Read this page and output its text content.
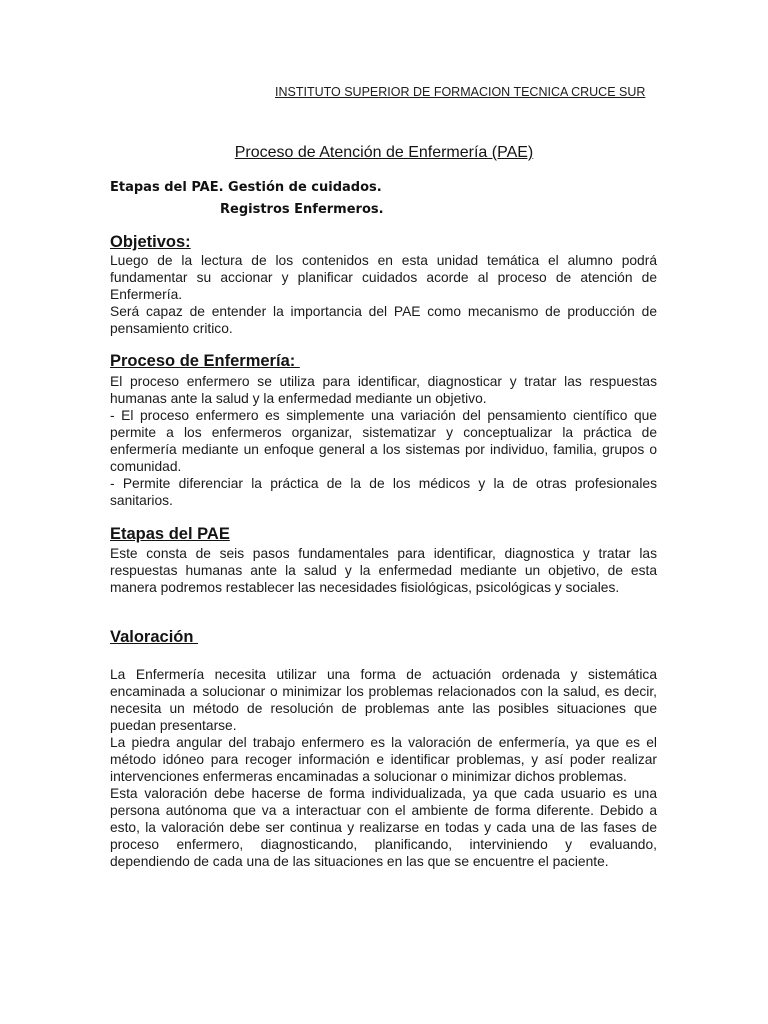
INSTITUTO SUPERIOR DE FORMACION TECNICA CRUCE SUR
Proceso de Atención de Enfermería (PAE)
Etapas del PAE. Gestión de cuidados.
Registros Enfermeros.
Objetivos:

Luego de la lectura de los contenidos en esta unidad temática el alumno podrá fundamentar su accionar y planificar cuidados acorde al proceso de atención de Enfermería.

Será capaz de entender la importancia del PAE como mecanismo de producción de pensamiento critico.

Proceso de Enfermería:

El proceso enfermero se utiliza para identificar, diagnosticar y tratar las respuestas humanas ante la salud y la enfermedad mediante un objetivo.

- El proceso enfermero es simplemente una variación del pensamiento científico que permite a los enfermeros organizar, sistematizar y conceptualizar la práctica de enfermería mediante un enfoque general a los sistemas por individuo, familia, grupos o comunidad.

- Permite diferenciar la práctica de la de los médicos y la de otras profesionales sanitarios.

Etapas del PAE

Este consta de seis pasos fundamentales para identificar, diagnostica y tratar las respuestas humanas ante la salud y la enfermedad mediante un objetivo, de esta manera podremos restablecer las necesidades fisiológicas, psicológicas y sociales.

Valoración

La Enfermería necesita utilizar una forma de actuación ordenada y sistemática encaminada a solucionar o minimizar los problemas relacionados con la salud, es decir, necesita un método de resolución de problemas ante las posibles situaciones que puedan presentarse.

La piedra angular del trabajo enfermero es la valoración de enfermería, ya que es el método idóneo para recoger información e identificar problemas, y así poder realizar intervenciones enfermeras encaminadas a solucionar o minimizar dichos problemas.

Esta valoración debe hacerse de forma individualizada, ya que cada usuario es una persona autónoma que va a interactuar con el ambiente de forma diferente. Debido a esto, la valoración debe ser continua y realizarse en todas y cada una de las fases de proceso enfermero, diagnosticando, planificando, interviniendo y evaluando, dependiendo de cada una de las situaciones en las que se encuentre el paciente.
